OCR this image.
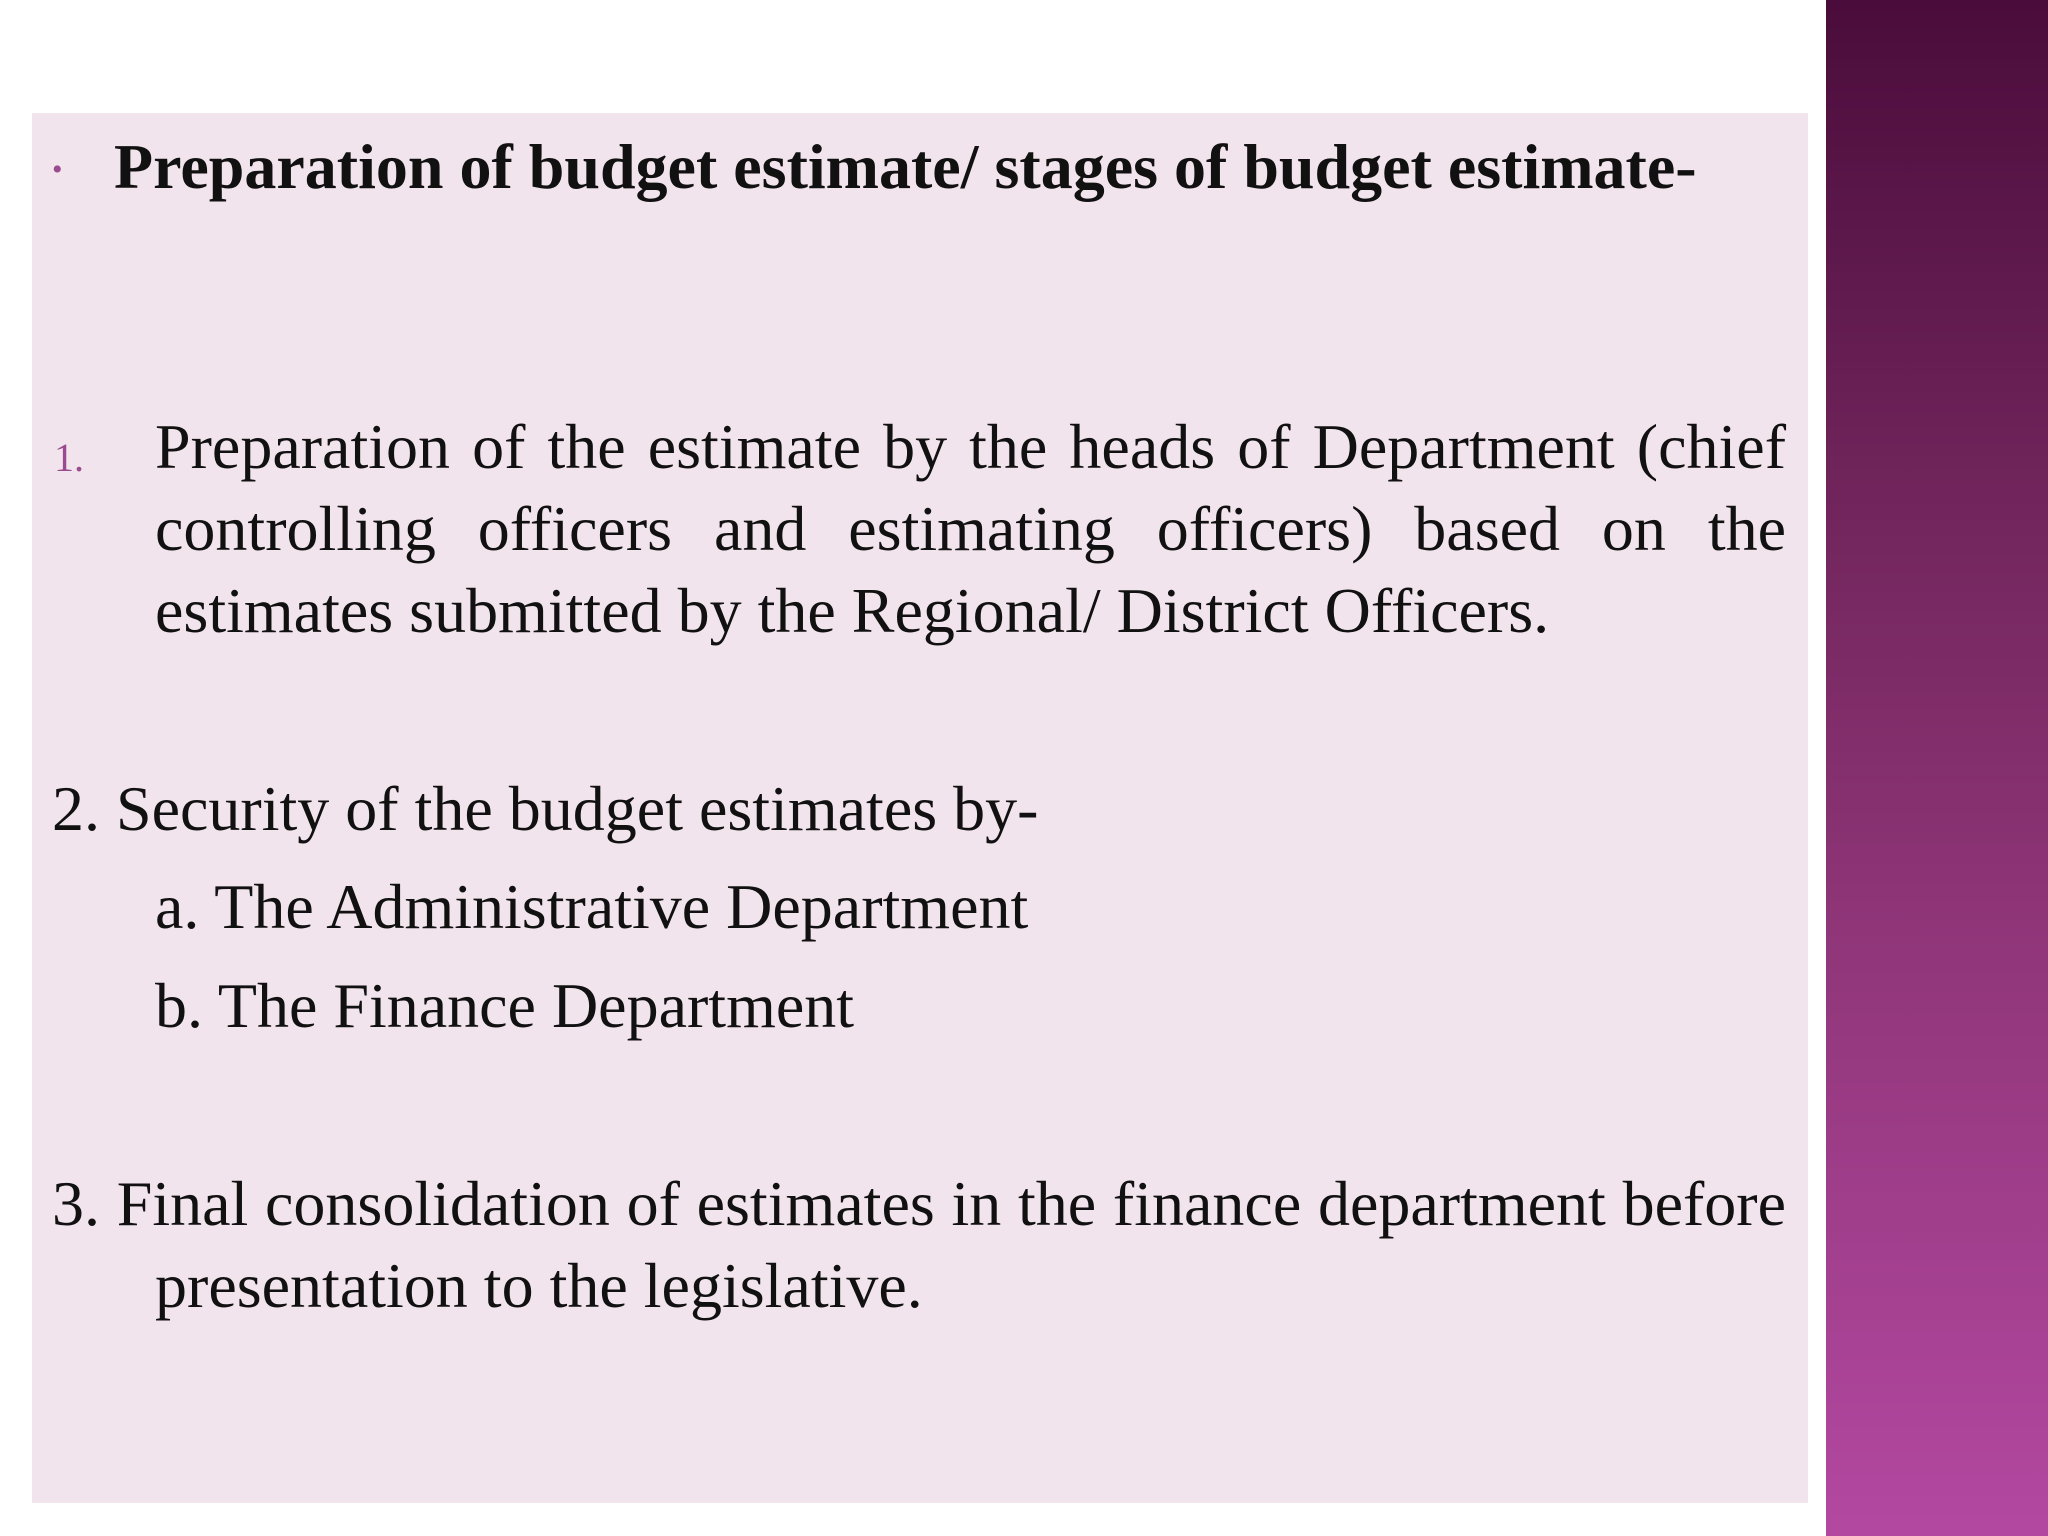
• Preparation of budget estimate/ stages of budget estimate-
1. Preparation of the estimate by the heads of Department (chief controlling officers and estimating officers) based on the estimates submitted by the Regional/ District Officers.
2. Security of the budget estimates by-
a. The Administrative Department
b. The Finance Department
3. Final consolidation of estimates in the finance department before presentation to the legislative.
